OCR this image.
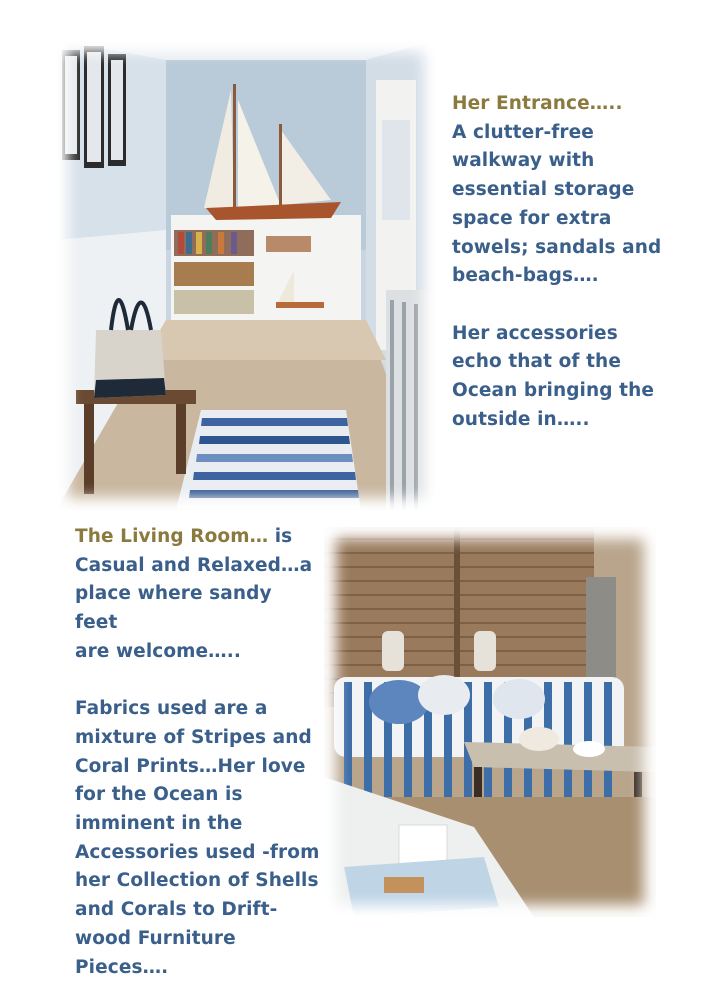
Her Entrance…..

A clutter-free

walkway with

essential storage

space for extra

towels; sandals and

beach-bags….

Her accessories

echo that of the

Ocean bringing the

outside in…..

The Living Room… is

Casual and Relaxed…a

place where sandy feet

are welcome…..

Fabrics used are a

mixture of Stripes and

Coral Prints…Her love

for the Ocean is

imminent in the

Accessories used -from

her Collection of Shells

and Corals to Drift-

wood Furniture

Pieces….
